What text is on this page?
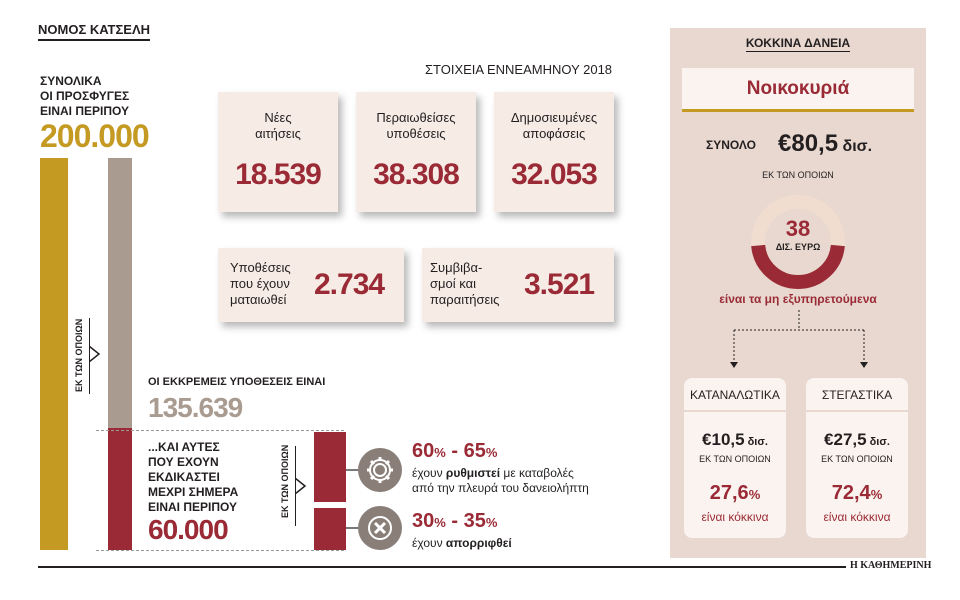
ΝΟΜΟΣ ΚΑΤΣΕΛΗ
ΣΥΝΟΛΙΚΑ
ΟΙ ΠΡΟΣΦΥΓΕΣ
ΕΙΝΑΙ ΠΕΡΙΠΟΥ
200.000
ΕΚ ΤΩΝ ΟΠΟΙΩΝ	ΟΙ ΕΚΚΡΕΜΕΙΣ ΥΠΟΘΕΣΕΙΣ ΕΙΝΑΙ
135.639
...ΚΑΙ ΑΥΤΕΣ
ΠΟΥ ΕΧΟΥΝ
ΕΚΔΙΚΑΣΤΕΙ
ΜΕΧΡΙ ΣΗΜΕΡΑ
ΕΙΝΑΙ ΠΕΡΙΠΟΥ
60.000
ΕΚ ΤΩΝ ΟΠΟΙΩΝ	60% - 65%
έχουν ρυθμιστεί με καταβολές
από την πλευρά του δανειολήπτη
30% - 35%
έχουν απορριφθεί
ΣΤΟΙΧΕΙΑ ΕΝΝΕΑΜΗΝΟΥ 2018
Νέες
αιτήσεις
18.539
Περαιωθείσες
υποθέσεις
38.308
Δημοσιευμένες
αποφάσεις
32.053
Υποθέσεις
που έχουν
ματαιωθεί 2.734
Συμβιβα-
σμοί και
παραιτήσεις 3.521
ΚΟΚΚΙΝΑ ΔΑΝΕΙΑ
Νοικοκυριά
ΣΥΝΟΛΟ €80,5 δισ.
ΕΚ ΤΩΝ ΟΠΟΙΩΝ
38
ΔΙΣ. ΕΥΡΩ
είναι τα μη εξυπηρετούμενα
ΚΑΤΑΝΑΛΩΤΙΚΑ
€10,5 δισ.
ΕΚ ΤΩΝ ΟΠΟΙΩΝ
27,6%
είναι κόκκινα
ΣΤΕΓΑΣΤΙΚΑ
€27,5 δισ.
ΕΚ ΤΩΝ ΟΠΟΙΩΝ
72,4%
είναι κόκκινα
Η ΚΑΘΗΜΕΡΙΝΗ
